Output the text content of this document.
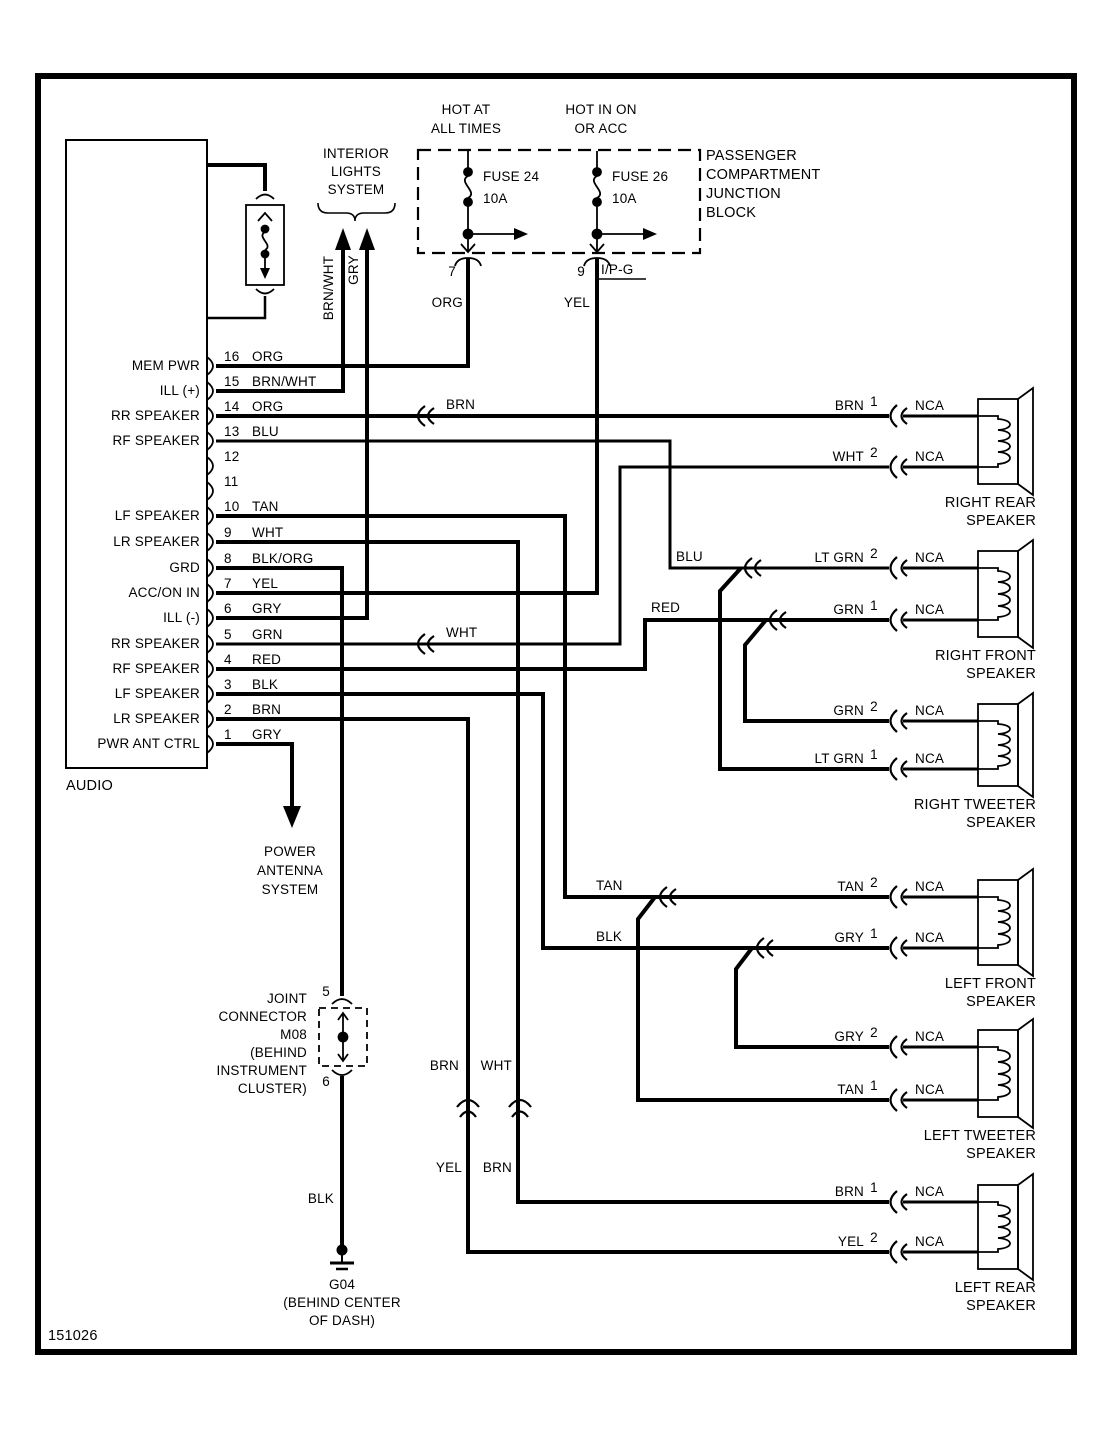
151026
AUDIO
16 ORG
MEM PWR
15 BRN/WHT
ILL (+)
14 ORG
RR SPEAKER
13 BLU
RF SPEAKER
12
11
10 TAN
LF SPEAKER
9 WHT
LR SPEAKER
8 BLK/ORG
GRD
7 YEL
ACC/ON IN
6 GRY
ILL (-)
5 GRN
RR SPEAKER
4 RED
RF SPEAKER
3 BLK
LF SPEAKER
2 BRN
LR SPEAKER
1 GRY
PWR ANT CTRL
PASSENGER
COMPARTMENT
JUNCTION
BLOCK
HOT AT
ALL TIMES
HOT IN ON
OR ACC
FUSE 24
10A
FUSE 26
10A
7	9 I/P-G
ORG	YEL
INTERIOR
LIGHTS
SYSTEM
BRN/WHT GRY
POWER
ANTENNA
SYSTEM
BRN
WHT
BLU
RED
TAN
BLK
BRN WHT
YEL BRN
BLK
JOINT
CONNECTOR
M08
(BEHIND
INSTRUMENT
CLUSTER)
5
6
G04
(BEHIND CENTER
OF DASH)
BRN 1	NCA
WHT 2	NCA
RIGHT REAR
SPEAKER
LT GRN 2	NCA
GRN 1	NCA
RIGHT FRONT
SPEAKER
GRN 2	NCA
LT GRN 1	NCA
RIGHT TWEETER
SPEAKER
TAN 2	NCA
GRY 1	NCA
LEFT FRONT
SPEAKER
GRY 2	NCA
TAN 1	NCA
LEFT TWEETER
SPEAKER
BRN 1	NCA
YEL 2	NCA
LEFT REAR
SPEAKER
